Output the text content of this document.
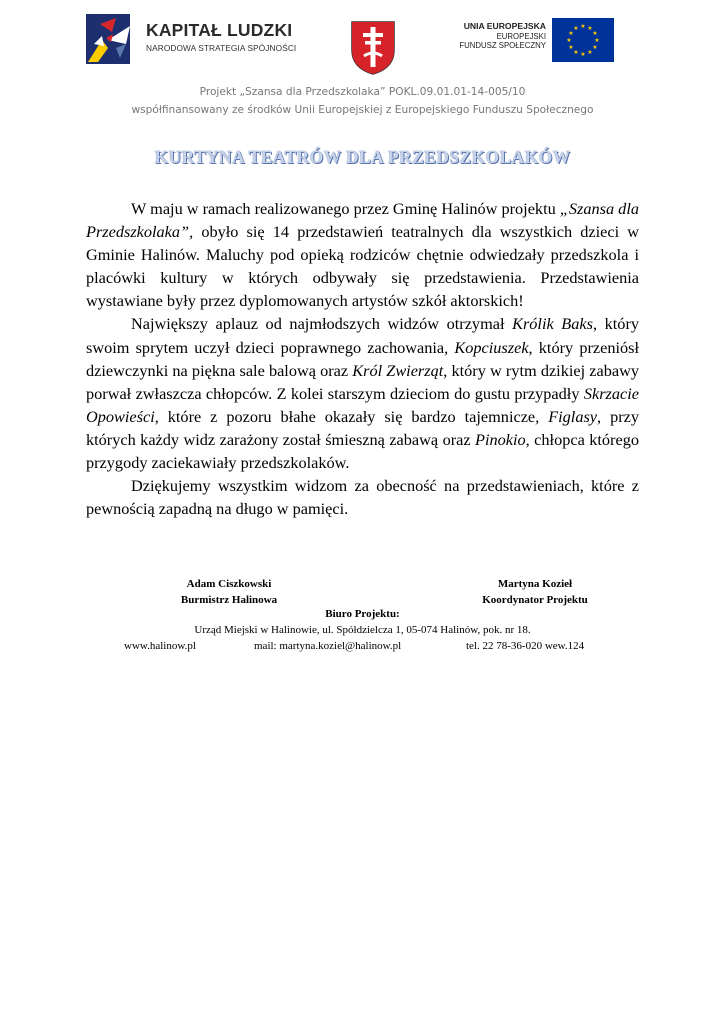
KAPITAŁ LUDZKI
NARODOWA STRATEGIA SPÓJNOŚCI
UNIA EUROPEJSKA
EUROPEJSKI
FUNDUSZ SPOŁECZNY
★ ★
★
★
★
★
★
★
★
★
★
★
Projekt „Szansa dla Przedszkolaka” POKL.09.01.01-14-005/10
współfinansowany ze środków Unii Europejskiej z Europejskiego Funduszu Społecznego
KURTYNA TEATRÓW DLA PRZEDSZKOLAKÓW

W maju w ramach realizowanego przez Gminę Halinów projektu „Szansa dla Przedszkolaka”, obyło się 14 przedstawień teatralnych dla wszystkich dzieci w Gminie Halinów. Maluchy pod opieką rodziców chętnie odwiedzały przedszkola i placówki kultury w których odbywały się przedstawienia. Przedstawienia wystawiane były przez dyplomowanych artystów szkół aktorskich!

Największy aplauz od najmłodszych widzów otrzymał Królik Baks, który swoim sprytem uczył dzieci poprawnego zachowania, Kopciuszek, który przeniósł dziewczynki na piękna sale balową oraz Król Zwierząt, który w rytm dzikiej zabawy porwał zwłaszcza chłopców. Z kolei starszym dzieciom do gustu przypadły Skrzacie Opowieści, które z pozoru błahe okazały się bardzo tajemnicze, Figlasy, przy których każdy widz zarażony został śmieszną zabawą oraz Pinokio, chłopca którego przygody zaciekawiały przedszkolaków.

Dziękujemy wszystkim widzom za obecność na przedstawieniach, które z pewnością zapadną na długo w pamięci.

Adam Ciszkowski
Burmistrz Halinowa
Martyna Kozieł
Koordynator Projektu
Biuro Projektu:
Urząd Miejski w Halinowie, ul. Spółdzielcza 1, 05-074 Halinów, pok. nr 18.
www.halinow.pl	mail: martyna.koziel@halinow.pl	tel. 22 78-36-020 wew.124
